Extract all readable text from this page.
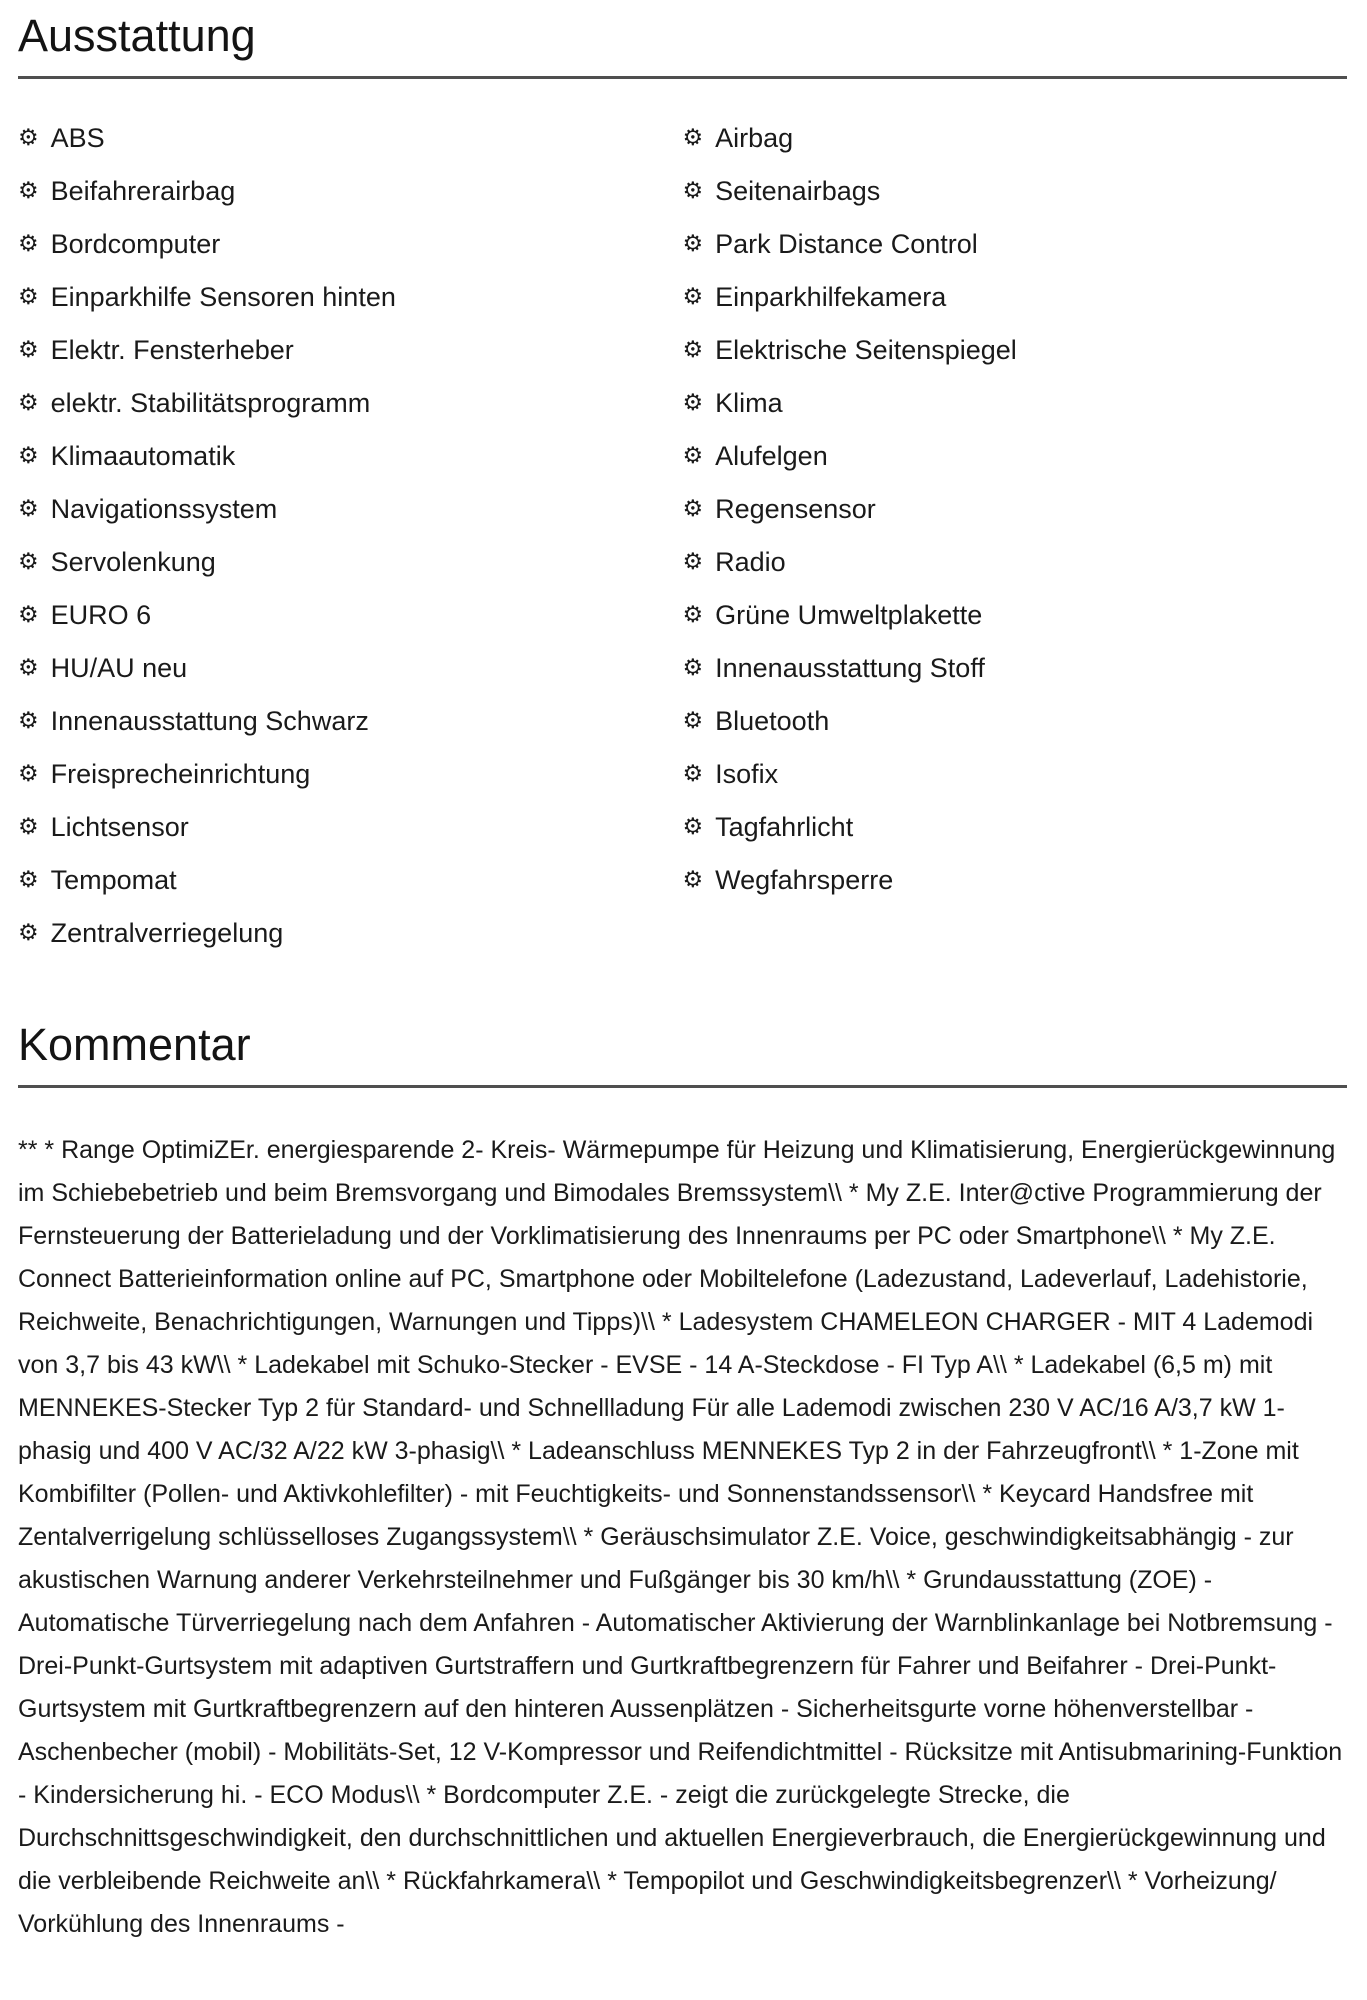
Ausstattung
⚙ ABS
⚙ Beifahrerairbag
⚙ Bordcomputer
⚙ Einparkhilfe Sensoren hinten
⚙ Elektr. Fensterheber
⚙ elektr. Stabilitätsprogramm
⚙ Klimaautomatik
⚙ Navigationssystem
⚙ Servolenkung
⚙ EURO 6
⚙ HU/AU neu
⚙ Innenausstattung Schwarz
⚙ Freisprecheinrichtung
⚙ Lichtsensor
⚙ Tempomat
⚙ Zentralverriegelung
⚙ Airbag
⚙ Seitenairbags
⚙ Park Distance Control
⚙ Einparkhilfekamera
⚙ Elektrische Seitenspiegel
⚙ Klima
⚙ Alufelgen
⚙ Regensensor
⚙ Radio
⚙ Grüne Umweltplakette
⚙ Innenausstattung Stoff
⚙ Bluetooth
⚙ Isofix
⚙ Tagfahrlicht
⚙ Wegfahrsperre
Kommentar

** * Range OptimiZEr. energiesparende 2- Kreis- Wärmepumpe für Heizung und Klimatisierung, Energierückgewinnung im Schiebebetrieb und beim Bremsvorgang und Bimodales Bremssystem\\ * My Z.E. Inter@ctive Programmierung der Fernsteuerung der Batterieladung und der Vorklimatisierung des Innenraums per PC oder Smartphone\\ * My Z.E. Connect Batterieinformation online auf PC, Smartphone oder Mobiltelefone (Ladezustand, Ladeverlauf, Ladehistorie, Reichweite, Benachrichtigungen, Warnungen und Tipps)\\ * Ladesystem CHAMELEON CHARGER - MIT 4 Lademodi von 3,7 bis 43 kW\\ * Ladekabel mit Schuko-Stecker - EVSE - 14 A-Steckdose - FI Typ A\\ * Ladekabel (6,5 m) mit MENNEKES-Stecker Typ 2 für Standard- und Schnellladung Für alle Lademodi zwischen 230 V AC/16 A/3,7 kW 1-phasig und 400 V AC/32 A/22 kW 3-phasig\\ * Ladeanschluss MENNEKES Typ 2 in der Fahrzeugfront\\ * 1-Zone mit Kombifilter (Pollen- und Aktivkohlefilter) - mit Feuchtigkeits- und Sonnenstandssensor\\ * Keycard Handsfree mit Zentalverrigelung schlüsselloses Zugangssystem\\ * Geräuschsimulator Z.E. Voice, geschwindigkeitsabhängig - zur akustischen Warnung anderer Verkehrsteilnehmer und Fußgänger bis 30 km/h\\ * Grundausstattung (ZOE) - Automatische Türverriegelung nach dem Anfahren - Automatischer Aktivierung der Warnblinkanlage bei Notbremsung - Drei-Punkt-Gurtsystem mit adaptiven Gurtstraffern und Gurtkraftbegrenzern für Fahrer und Beifahrer - Drei-Punkt-Gurtsystem mit Gurtkraftbegrenzern auf den hinteren Aussenplätzen - Sicherheitsgurte vorne höhenverstellbar - Aschenbecher (mobil) - Mobilitäts-Set, 12 V-Kompressor und Reifendichtmittel - Rücksitze mit Antisubmarining-Funktion - Kindersicherung hi. - ECO Modus\\ * Bordcomputer Z.E. - zeigt die zurückgelegte Strecke, die Durchschnittsgeschwindigkeit, den durchschnittlichen und aktuellen Energieverbrauch, die Energierückgewinnung und die verbleibende Reichweite an\\ * Rückfahrkamera\\ * Tempopilot und Geschwindigkeitsbegrenzer\\ * Vorheizung/ Vorkühlung des Innenraums -
